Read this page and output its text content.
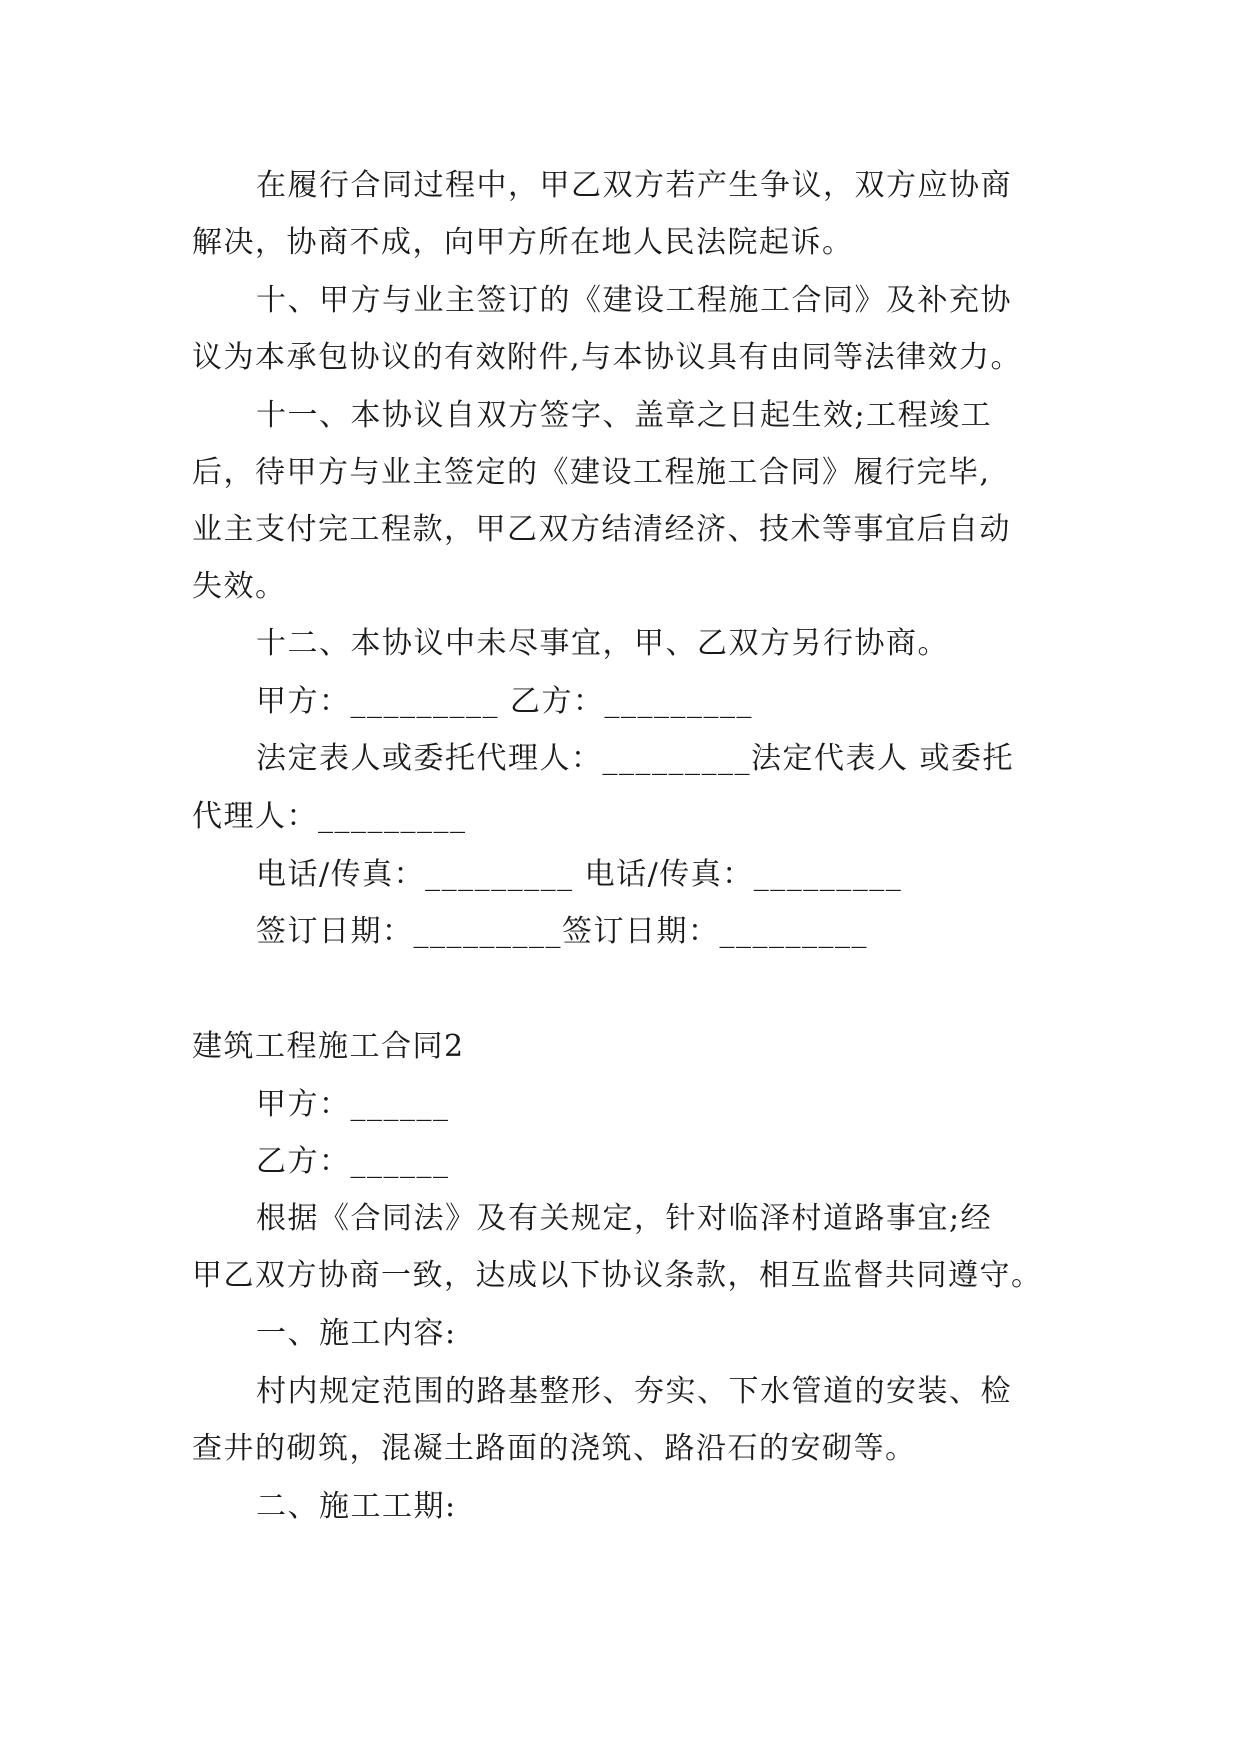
在履行合同过程中，甲乙双方若产生争议，双方应协商
解决，协商不成，向甲方所在地人民法院起诉。
十、甲方与业主签订的《建设工程施工合同》及补充协
议为本承包协议的有效附件,与本协议具有由同等法律效力。
十一、本协议自双方签字、盖章之日起生效;工程竣工
后，待甲方与业主签定的《建设工程施工合同》履行完毕,
业主支付完工程款，甲乙双方结清经济、技术等事宜后自动
失效。
十二、本协议中未尽事宜，甲、乙双方另行协商。
甲方：_________ 乙方：_________
法定表人或委托代理人：_________法定代表人 或委托
代理人：_________
电话/传真：_________ 电话/传真：_________
签订日期：_________签订日期：_________
建筑工程施工合同2
甲方：______
乙方：______
根据《合同法》及有关规定，针对临泽村道路事宜;经
甲乙双方协商一致，达成以下协议条款，相互监督共同遵守。
一、施工内容:
村内规定范围的路基整形、夯实、下水管道的安装、检
查井的砌筑，混凝土路面的浇筑、路沿石的安砌等。
二、施工工期:
